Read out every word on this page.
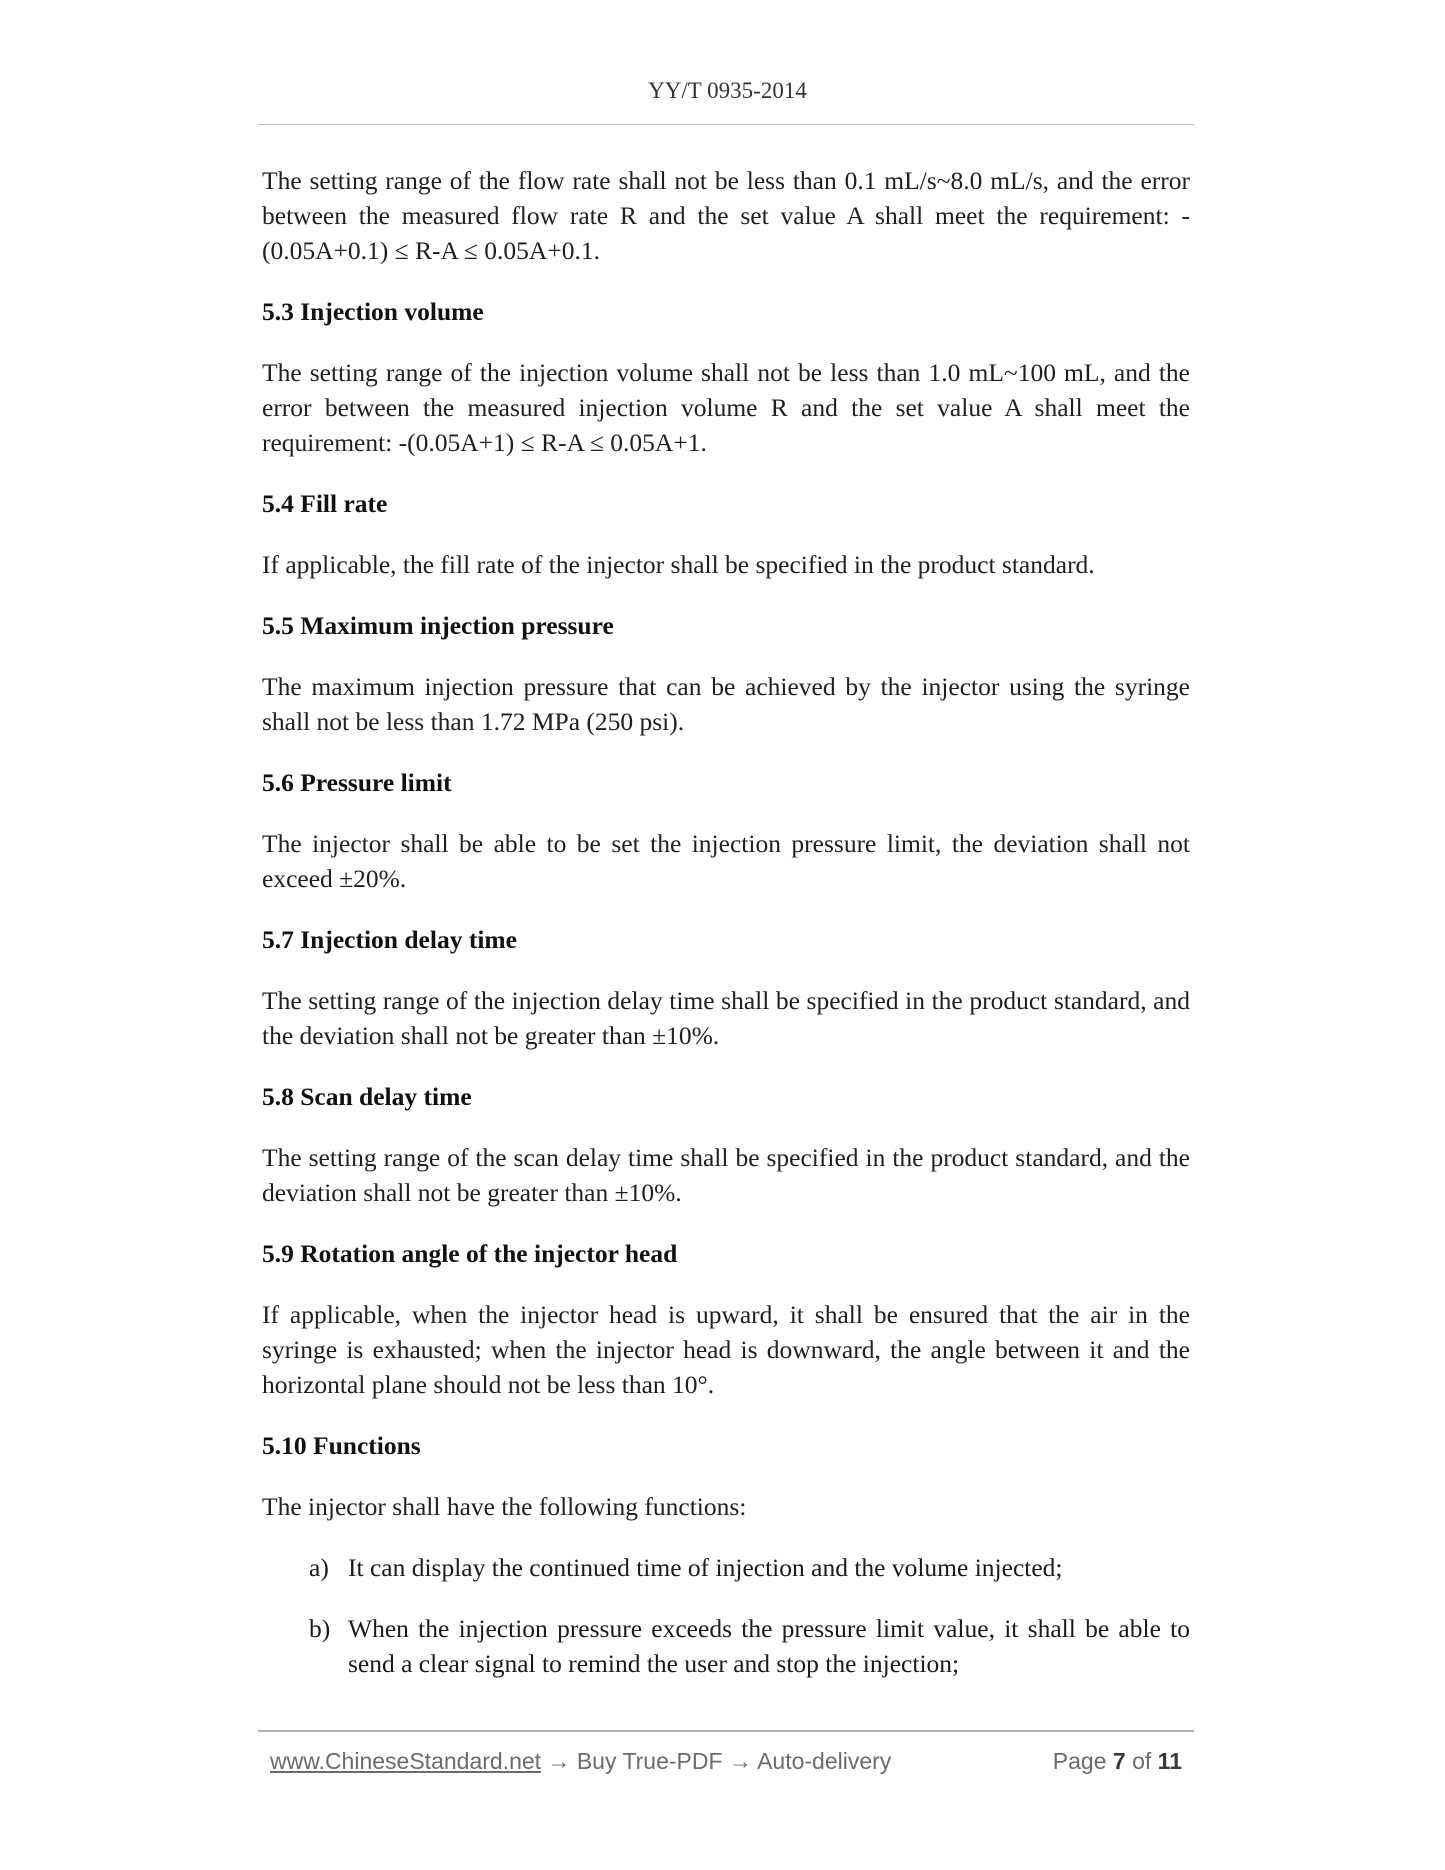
YY/T 0935-2014

The setting range of the flow rate shall not be less than 0.1 mL/s~8.0 mL/s, and the error between the measured flow rate R and the set value A shall meet the requirement: -(0.05A+0.1) ≤ R-A ≤ 0.05A+0.1.

5.3 Injection volume

The setting range of the injection volume shall not be less than 1.0 mL~100 mL, and the error between the measured injection volume R and the set value A shall meet the requirement: -(0.05A+1) ≤ R-A ≤ 0.05A+1.

5.4 Fill rate

If applicable, the fill rate of the injector shall be specified in the product standard.

5.5 Maximum injection pressure

The maximum injection pressure that can be achieved by the injector using the syringe shall not be less than 1.72 MPa (250 psi).

5.6 Pressure limit

The injector shall be able to be set the injection pressure limit, the deviation shall not exceed ±20%.

5.7 Injection delay time

The setting range of the injection delay time shall be specified in the product standard, and the deviation shall not be greater than ±10%.

5.8 Scan delay time

The setting range of the scan delay time shall be specified in the product standard, and the deviation shall not be greater than ±10%.

5.9 Rotation angle of the injector head

If applicable, when the injector head is upward, it shall be ensured that the air in the syringe is exhausted; when the injector head is downward, the angle between it and the horizontal plane should not be less than 10°.

5.10 Functions

The injector shall have the following functions:

a) It can display the continued time of injection and the volume injected;
b) When the injection pressure exceeds the pressure limit value, it shall be able to send a clear signal to remind the user and stop the injection;
www.ChineseStandard.net → Buy True-PDF → Auto-delivery	Page 7 of 11
